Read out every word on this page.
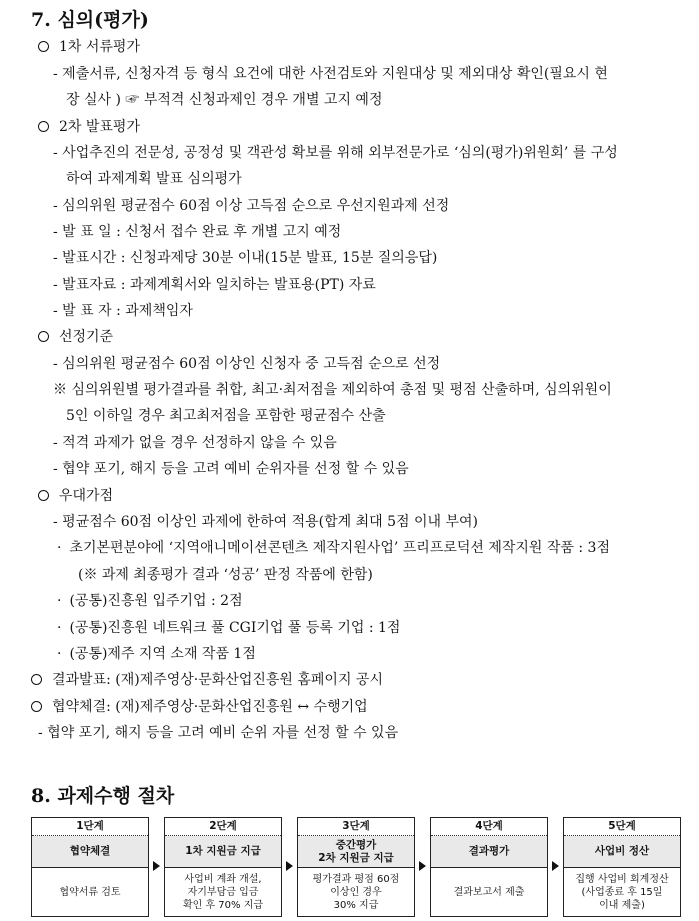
7. 심의(평가)
1차 서류평가
- 제출서류, 신청자격 등 형식 요건에 대한 사전검토와 지원대상 및 제외대상 확인(필요시 현
장 실사 ) ☞ 부적격 신청과제인 경우 개별 고지 예정
2차 발표평가
- 사업추진의 전문성, 공정성 및 객관성 확보를 위해 외부전문가로 ‘심의(평가)위원회’ 를 구성
하여 과제계획 발표 심의평가
- 심의위원 평균점수 60점 이상 고득점 순으로 우선지원과제 선정
- 발 표 일 : 신청서 접수 완료 후 개별 고지 예정
- 발표시간 : 신청과제당 30분 이내(15분 발표, 15분 질의응답)
- 발표자료 : 과제계획서와 일치하는 발표용(PT) 자료
- 발 표 자 : 과제책임자
선정기준
- 심의위원 평균점수 60점 이상인 신청자 중 고득점 순으로 선정
※ 심의위원별 평가결과를 취합, 최고·최저점을 제외하여 총점 및 평점 산출하며, 심의위원이
5인 이하일 경우 최고최저점을 포함한 평균점수 산출
- 적격 과제가 없을 경우 선정하지 않을 수 있음
- 협약 포기, 해지 등을 고려 예비 순위자를 선정 할 수 있음
우대가점
- 평균점수 60점 이상인 과제에 한하여 적용(합계 최대 5점 이내 부여)
· 초기본편분야에 ‘지역애니메이션콘텐츠 제작지원사업’ 프리프로덕션 제작지원 작품 : 3점
(※ 과제 최종평가 결과 ‘성공’ 판정 작품에 한함)
· (공통)진흥원 입주기업 : 2점
· (공통)진흥원 네트워크 풀 CGI기업 풀 등록 기업 : 1점
· (공통)제주 지역 소재 작품 1점
결과발표: (재)제주영상·문화산업진흥원 홈페이지 공시
협약체결: (재)제주영상·문화산업진흥원 ↔ 수행기업
- 협약 포기, 해지 등을 고려 예비 순위 자를 선정 할 수 있음
8. 과제수행 절차
1단계
협약체결
협약서류 검토
2단계
1차 지원금 지급
사업비 계좌 개설,
자기부담금 입금
확인 후 70% 지급
3단계
중간평가
2차 지원금 지급
평가결과 평점 60점
이상인 경우
30% 지급
4단계
결과평가
결과보고서 제출
5단계
사업비 정산
집행 사업비 회계정산
(사업종료 후 15일
이내 제출)
